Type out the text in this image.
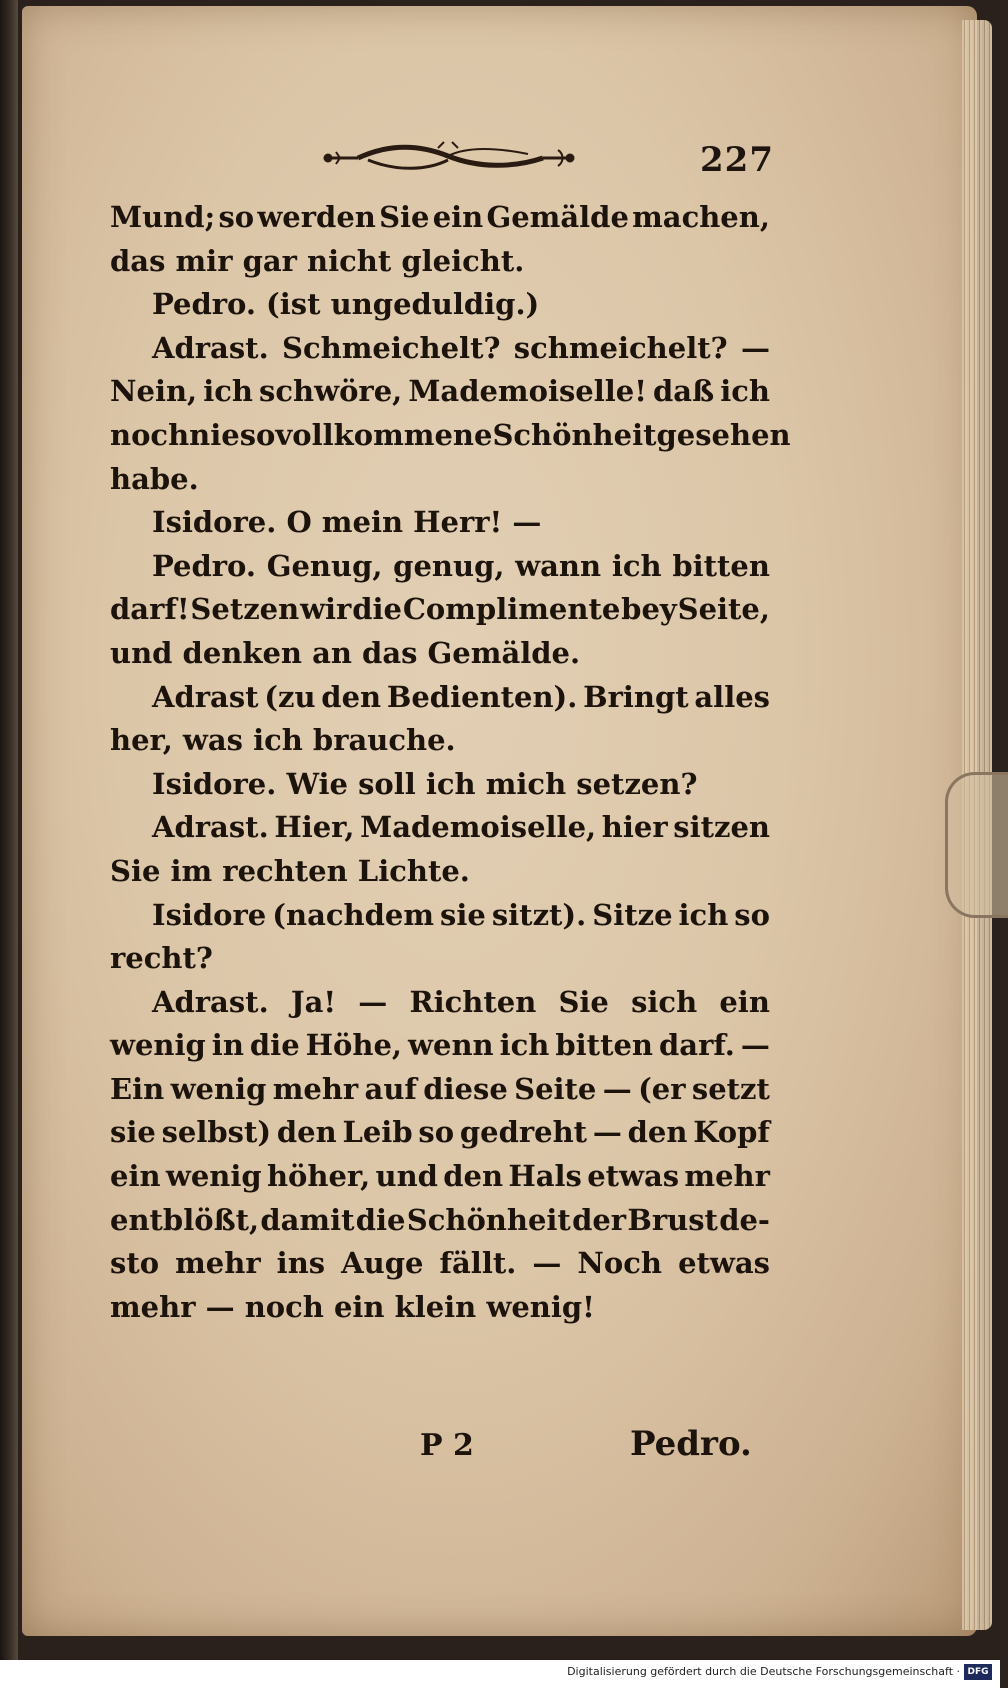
227
Mund; so werden Sie ein Gemälde machen,
das mir gar nicht gleicht.
Pedro. (ist ungeduldig.)
Adrast. Schmeichelt? schmeichelt? —
Nein, ich schwöre, Mademoiselle! daß ich
noch nie so vollkommene Schönheit gesehen
habe.
Isidore. O mein Herr! —
Pedro. Genug, genug, wann ich bitten
darf! Setzen wir die Complimente bey Seite,
und denken an das Gemälde.
Adrast (zu den Bedienten). Bringt alles
her, was ich brauche.
Isidore. Wie soll ich mich setzen?
Adrast. Hier, Mademoiselle, hier sitzen
Sie im rechten Lichte.
Isidore (nachdem sie sitzt). Sitze ich so
recht?
Adrast. Ja! — Richten Sie sich ein
wenig in die Höhe, wenn ich bitten darf. —
Ein wenig mehr auf diese Seite — (er setzt
sie selbst) den Leib so gedreht — den Kopf
ein wenig höher, und den Hals etwas mehr
entblößt, damit die Schönheit der Brust de-
sto mehr ins Auge fällt. — Noch etwas
mehr — noch ein klein wenig!
P 2	Pedro.
Digitalisierung gefördert durch die Deutsche Forschungsgemeinschaft · DFG
